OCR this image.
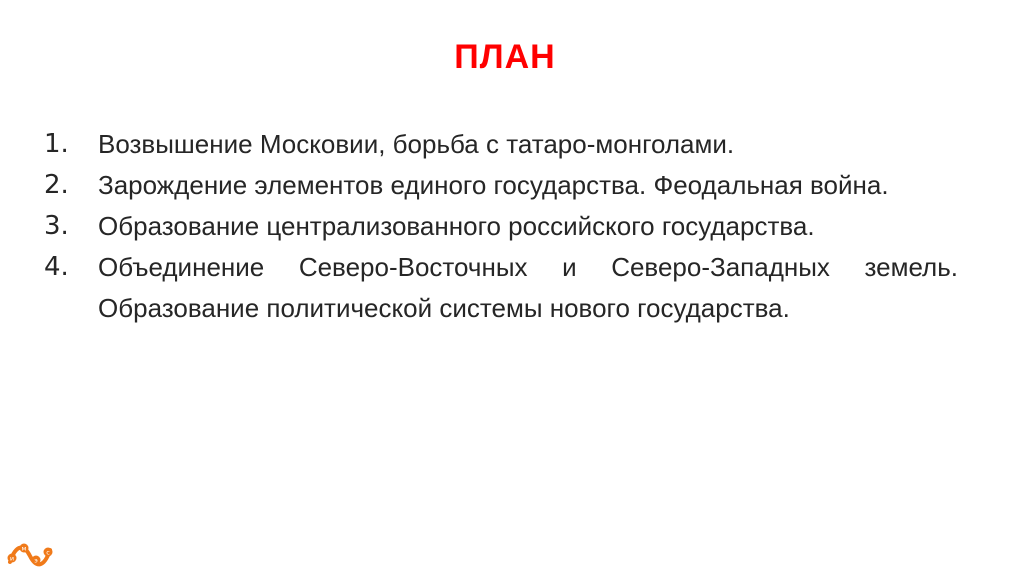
ПЛАН
1.	Возвышение Московии, борьба с татаро-монголами.
2.	Зарождение элементов единого государства. Феодальная война.
3.	Образование централизованного российского государства.
4.	Объединение Северо-Восточных и Северо-Западных земель. Образование политической системы нового государства.
и
м
э
с
